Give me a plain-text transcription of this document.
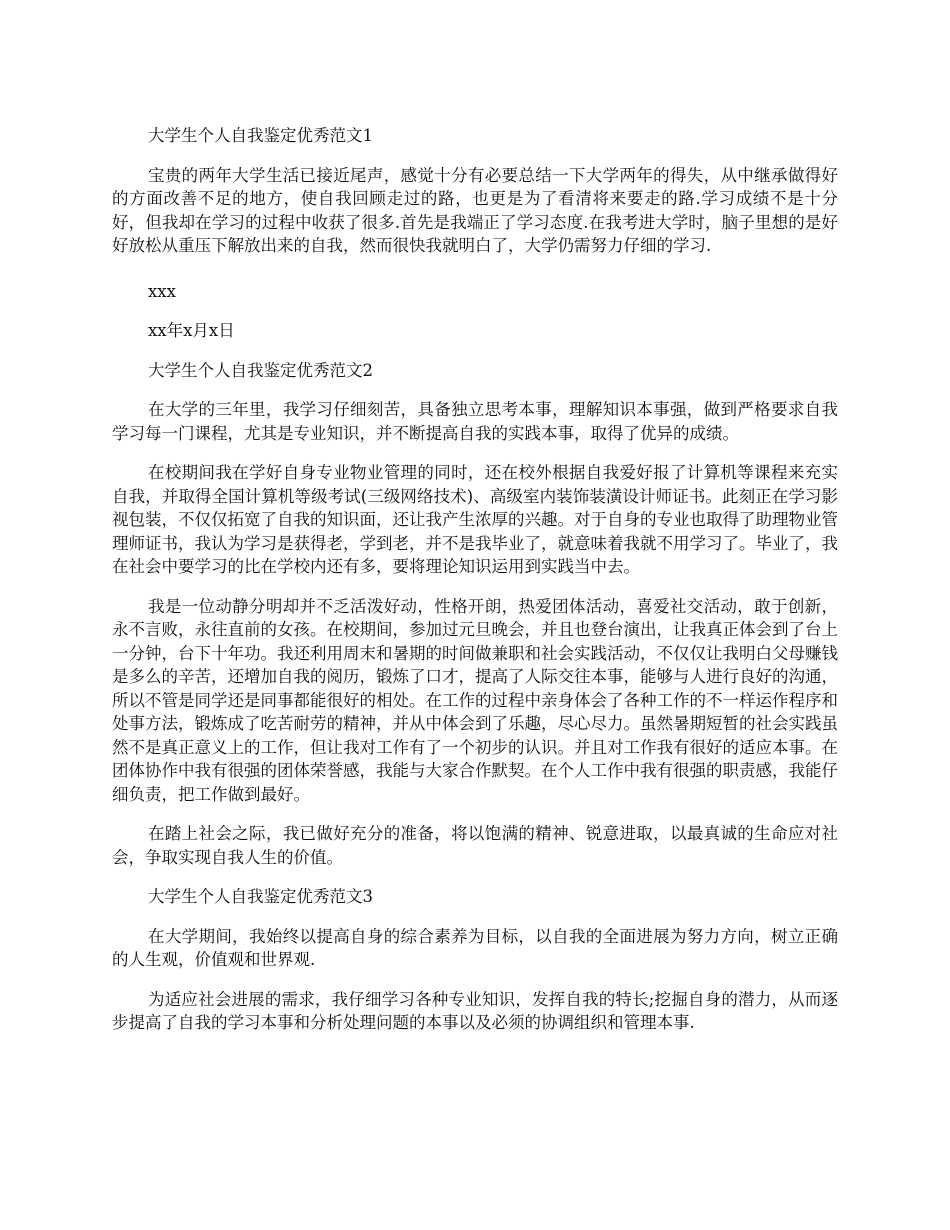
大学生个人自我鉴定优秀范文1

宝贵的两年大学生活已接近尾声，感觉十分有必要总结一下大学两年的得失，从中继承做得好的方面改善不足的地方，使自我回顾走过的路，也更是为了看清将来要走的路.学习成绩不是十分好，但我却在学习的过程中收获了很多.首先是我端正了学习态度.在我考进大学时，脑子里想的是好好放松从重压下解放出来的自我，然而很快我就明白了，大学仍需努力仔细的学习.

xxx

xx年x月x日

大学生个人自我鉴定优秀范文2

在大学的三年里，我学习仔细刻苦，具备独立思考本事，理解知识本事强，做到严格要求自我学习每一门课程，尤其是专业知识，并不断提高自我的实践本事，取得了优异的成绩。

在校期间我在学好自身专业物业管理的同时，还在校外根据自我爱好报了计算机等课程来充实自我，并取得全国计算机等级考试(三级网络技术)、高级室内装饰装潢设计师证书。此刻正在学习影视包装，不仅仅拓宽了自我的知识面，还让我产生浓厚的兴趣。对于自身的专业也取得了助理物业管理师证书，我认为学习是获得老，学到老，并不是我毕业了，就意味着我就不用学习了。毕业了，我在社会中要学习的比在学校内还有多，要将理论知识运用到实践当中去。

我是一位动静分明却并不乏活泼好动，性格开朗，热爱团体活动，喜爱社交活动，敢于创新，永不言败，永往直前的女孩。在校期间，参加过元旦晚会，并且也登台演出，让我真正体会到了台上一分钟，台下十年功。我还利用周末和暑期的时间做兼职和社会实践活动，不仅仅让我明白父母赚钱是多么的辛苦，还增加自我的阅历，锻炼了口才，提高了人际交往本事，能够与人进行良好的沟通，所以不管是同学还是同事都能很好的相处。在工作的过程中亲身体会了各种工作的不一样运作程序和处事方法，锻炼成了吃苦耐劳的精神，并从中体会到了乐趣，尽心尽力。虽然暑期短暂的社会实践虽然不是真正意义上的工作，但让我对工作有了一个初步的认识。并且对工作我有很好的适应本事。在团体协作中我有很强的团体荣誉感，我能与大家合作默契。在个人工作中我有很强的职责感，我能仔细负责，把工作做到最好。

在踏上社会之际，我已做好充分的准备，将以饱满的精神、锐意进取，以最真诚的生命应对社会，争取实现自我人生的价值。

大学生个人自我鉴定优秀范文3

在大学期间，我始终以提高自身的综合素养为目标，以自我的全面进展为努力方向，树立正确的人生观，价值观和世界观.

为适应社会进展的需求，我仔细学习各种专业知识，发挥自我的特长;挖掘自身的潜力，从而逐步提高了自我的学习本事和分析处理问题的本事以及必须的协调组织和管理本事.
